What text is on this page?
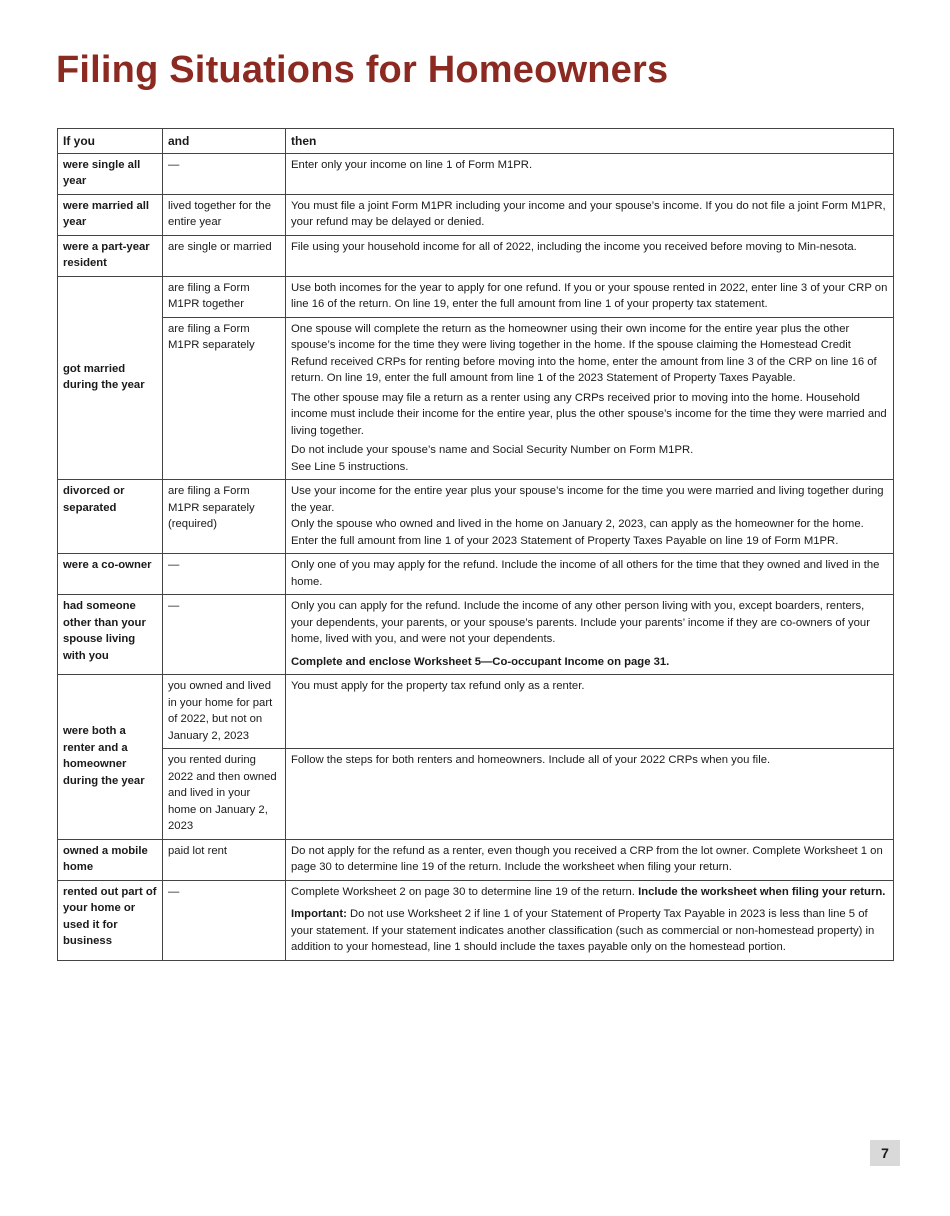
Filing Situations for Homeowners
If you	and	then
were single all year	—	Enter only your income on line 1 of Form M1PR.
were married all year	lived together for the entire year	You must file a joint Form M1PR including your income and your spouse’s income. If you do not file a joint Form M1PR, your refund may be delayed or denied.
were a part-year resident	are single or married	File using your household income for all of 2022, including the income you received before moving to Min-nesota.
got married during the year	are filing a Form M1PR together	Use both incomes for the year to apply for one refund. If you or your spouse rented in 2022, enter line 3 of your CRP on line 16 of the return. On line 19, enter the full amount from line 1 of your property tax statement.
	are filing a Form M1PR separately	One spouse will complete the return as the homeowner using their own income for the entire year plus the other spouse’s income for the time they were living together in the home. If the spouse claiming the Homestead Credit Refund received CRPs for renting before moving into the home, enter the amount from line 3 of the CRP on line 16 of return. On line 19, enter the full amount from line 1 of the 2023 Statement of Property Taxes Payable.

The other spouse may file a return as a renter using any CRPs received prior to moving into the home. Household income must include their income for the entire year, plus the other spouse’s income for the time they were married and living together.

Do not include your spouse’s name and Social Security Number on Form M1PR.

See Line 5 instructions.

divorced or separated	are filing a Form M1PR separately (required)	Use your income for the entire year plus your spouse’s income for the time you were married and living together during the year.

Only the spouse who owned and lived in the home on January 2, 2023, can apply as the homeowner for the home. Enter the full amount from line 1 of your 2023 Statement of Property Taxes Payable on line 19 of Form M1PR.

were a co-owner	—	Only one of you may apply for the refund. Include the income of all others for the time that they owned and lived in the home.
had someone other than your spouse living with you	—	Only you can apply for the refund. Include the income of any other person living with you, except boarders, renters, your dependents, your parents, or your spouse’s parents. Include your parents’ income if they are co-owners of your home, lived with you, and were not your dependents.

Complete and enclose Worksheet 5—Co-occupant Income on page 31.

were both a renter and a homeowner during the year	you owned and lived in your home for part of 2022, but not on January 2, 2023	You must apply for the property tax refund only as a renter.
	you rented during 2022 and then owned and lived in your home on January 2, 2023	Follow the steps for both renters and homeowners. Include all of your 2022 CRPs when you file.
owned a mobile home	paid lot rent	Do not apply for the refund as a renter, even though you received a CRP from the lot owner. Complete Worksheet 1 on page 30 to determine line 19 of the return. Include the worksheet when filing your return.
rented out part of your home or used it for business	—	Complete Worksheet 2 on page 30 to determine line 19 of the return. Include the worksheet when filing your return.

Important: Do not use Worksheet 2 if line 1 of your Statement of Property Tax Payable in 2023 is less than line 5 of your statement. If your statement indicates another classification (such as commercial or non-homestead property) in addition to your homestead, line 1 should include the taxes payable only on the homestead portion.

7
